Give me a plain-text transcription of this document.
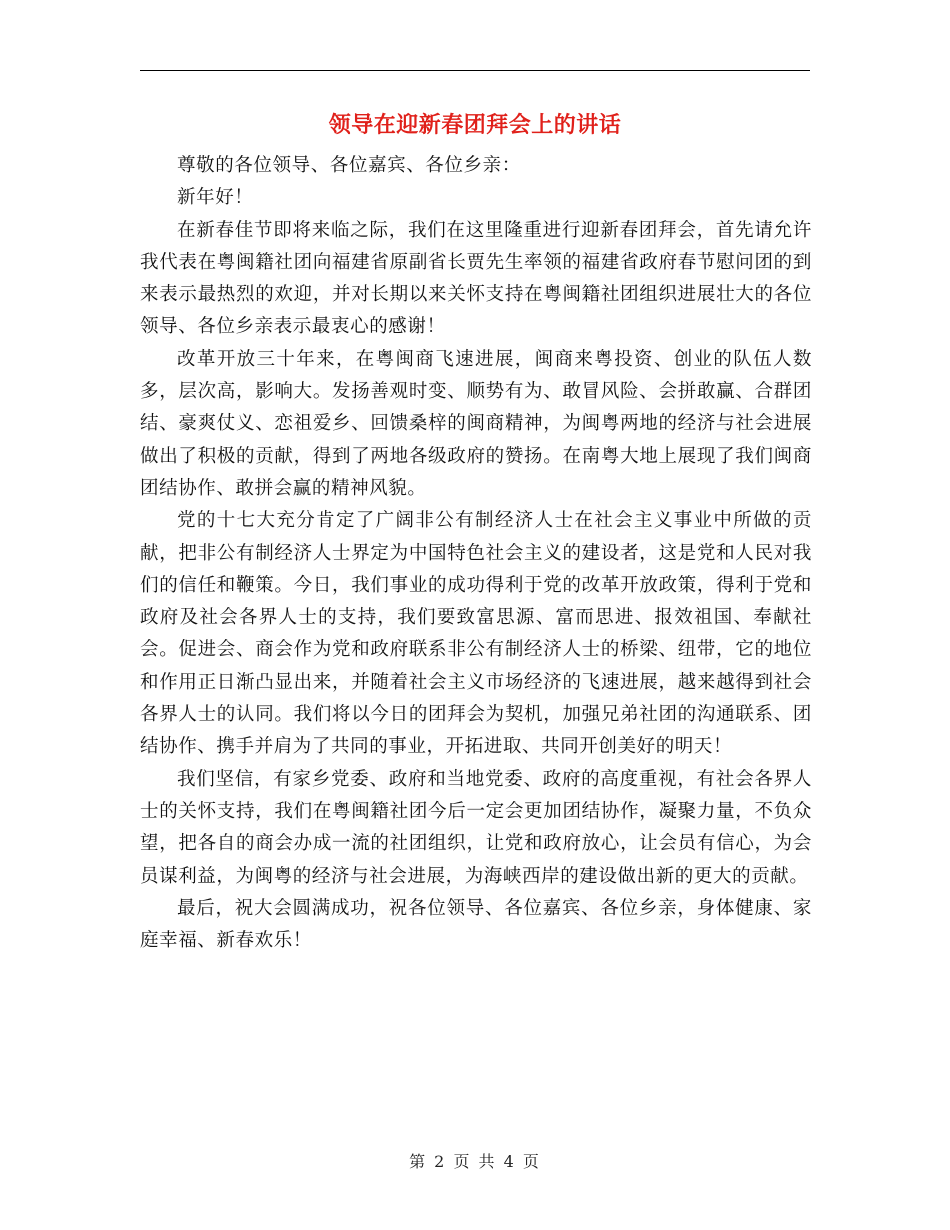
领导在迎新春团拜会上的讲话

尊敬的各位领导、各位嘉宾、各位乡亲：

新年好！

在新春佳节即将来临之际，我们在这里隆重进行迎新春团拜会，首先请允许我代表在粤闽籍社团向福建省原副省长贾先生率领的福建省政府春节慰问团的到来表示最热烈的欢迎，并对长期以来关怀支持在粤闽籍社团组织进展壮大的各位领导、各位乡亲表示最衷心的感谢！

改革开放三十年来，在粤闽商飞速进展，闽商来粤投资、创业的队伍人数多，层次高，影响大。发扬善观时变、顺势有为、敢冒风险、会拼敢赢、合群团结、豪爽仗义、恋祖爱乡、回馈桑梓的闽商精神，为闽粤两地的经济与社会进展做出了积极的贡献，得到了两地各级政府的赞扬。在南粤大地上展现了我们闽商团结协作、敢拼会赢的精神风貌。

党的十七大充分肯定了广阔非公有制经济人士在社会主义事业中所做的贡献，把非公有制经济人士界定为中国特色社会主义的建设者，这是党和人民对我们的信任和鞭策。今日，我们事业的成功得利于党的改革开放政策，得利于党和政府及社会各界人士的支持，我们要致富思源、富而思进、报效祖国、奉献社会。促进会、商会作为党和政府联系非公有制经济人士的桥梁、纽带，它的地位和作用正日渐凸显出来，并随着社会主义市场经济的飞速进展，越来越得到社会各界人士的认同。我们将以今日的团拜会为契机，加强兄弟社团的沟通联系、团结协作、携手并肩为了共同的事业，开拓进取、共同开创美好的明天！

我们坚信，有家乡党委、政府和当地党委、政府的高度重视，有社会各界人士的关怀支持，我们在粤闽籍社团今后一定会更加团结协作，凝聚力量，不负众望，把各自的商会办成一流的社团组织，让党和政府放心，让会员有信心，为会员谋利益，为闽粤的经济与社会进展，为海峡西岸的建设做出新的更大的贡献。

最后，祝大会圆满成功，祝各位领导、各位嘉宾、各位乡亲，身体健康、家庭幸福、新春欢乐！

第 2 页 共 4 页
